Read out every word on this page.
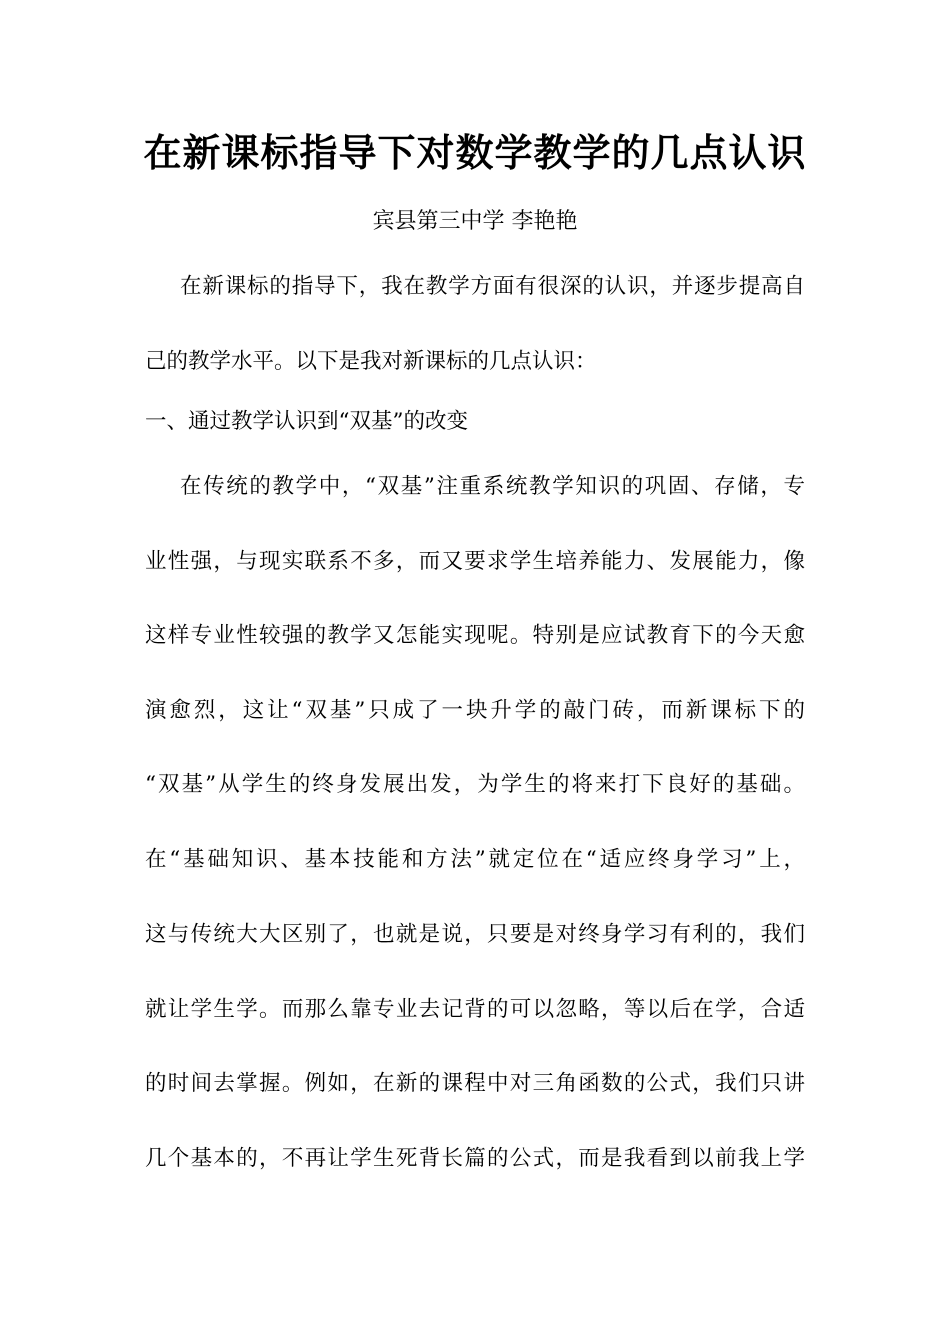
在新课标指导下对数学教学的几点认识
宾县第三中学 李艳艳
在新课标的指导下，我在教学方面有很深的认识，并逐步提高自
己的教学水平。以下是我对新课标的几点认识：
一、通过教学认识到“双基”的改变
在传统的教学中，“双基”注重系统教学知识的巩固、存储，专
业性强，与现实联系不多，而又要求学生培养能力、发展能力，像
这样专业性较强的教学又怎能实现呢。特别是应试教育下的今天愈
演愈烈，这让“双基”只成了一块升学的敲门砖，而新课标下的
“双基”从学生的终身发展出发，为学生的将来打下良好的基础。
在“基础知识、基本技能和方法”就定位在“适应终身学习”上，
这与传统大大区别了，也就是说，只要是对终身学习有利的，我们
就让学生学。而那么靠专业去记背的可以忽略，等以后在学，合适
的时间去掌握。例如，在新的课程中对三角函数的公式，我们只讲
几个基本的，不再让学生死背长篇的公式，而是我看到以前我上学
